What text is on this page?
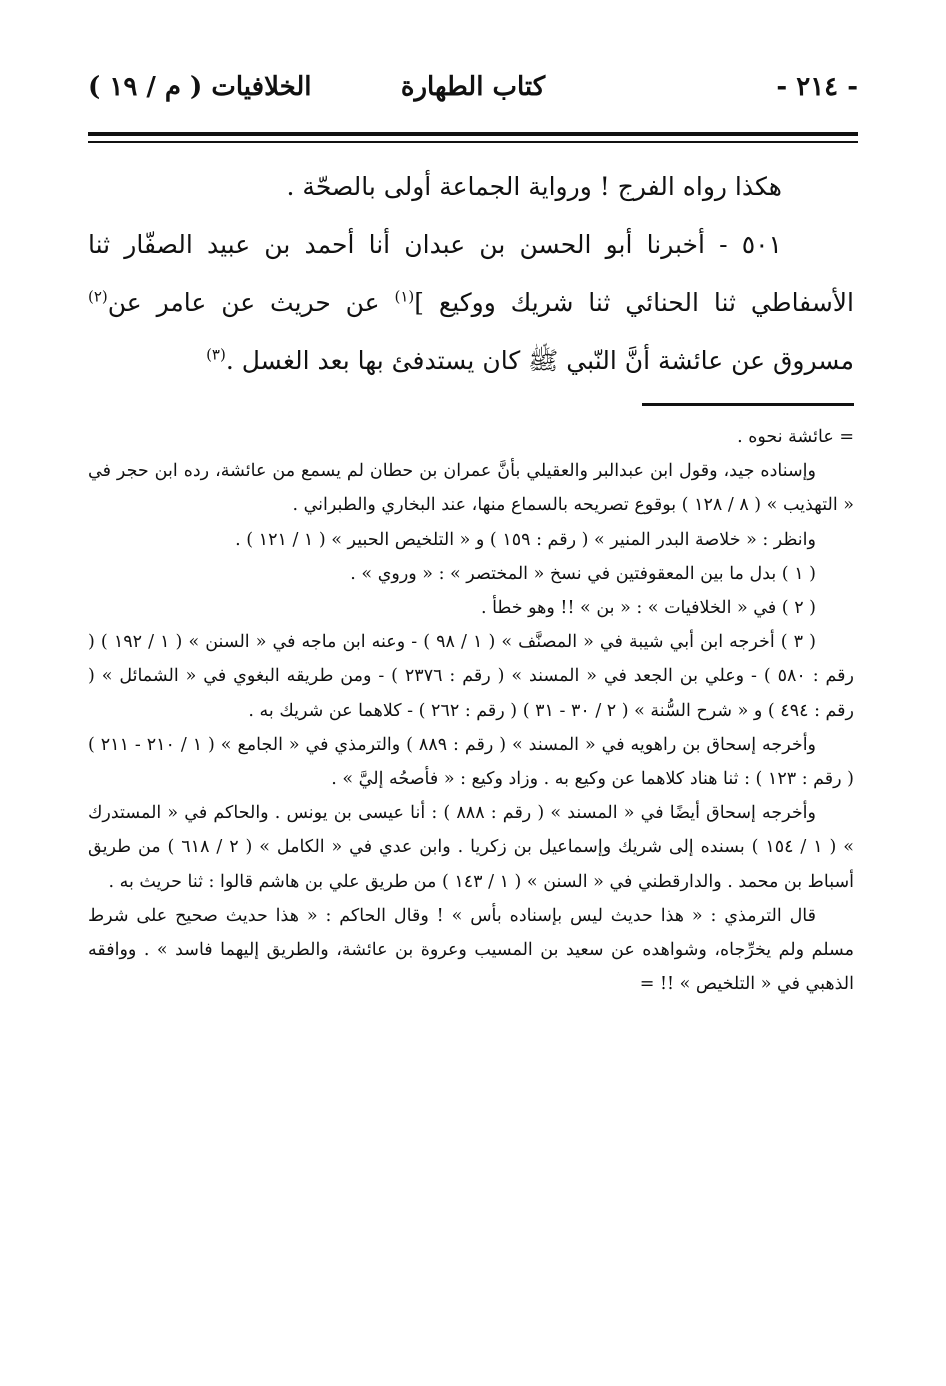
- ٢١٤ -
كتاب الطهارة
الخلافيات ( م / ١٩ )

هكذا رواه الفرج ! ورواية الجماعة أولى بالصحّة .

٥٠١ - أخبرنا أبو الحسن بن عبدان أنا أحمد بن عبيد الصفّار ثنا الأسفاطي ثنا الحنائي ثنا شريك ووكيع ]$^{(١)}$ عن حريث عن عامر عن$^{(٢)}$ مسروق عن عائشة أنَّ النّبي ﷺ كان يستدفئ بها بعد الغسل .$^{(٣)}$

= عائشة نحوه .

وإسناده جيد، وقول ابن عبدالبر والعقيلي بأنَّ عمران بن حطان لم يسمع من عائشة، رده ابن حجر في « التهذيب » ( ٨ / ١٢٨ ) بوقوع تصريحه بالسماع منها، عند البخاري والطبراني .

وانظر : « خلاصة البدر المنير » ( رقم : ١٥٩ ) و « التلخيص الحبير » ( ١ / ١٢١ ) .

( ١ ) بدل ما بين المعقوفتين في نسخ « المختصر » : « وروي » .

( ٢ ) في « الخلافيات » : « بن » !! وهو خطأ .

( ٣ ) أخرجه ابن أبي شيبة في « المصنَّف » ( ١ / ٩٨ ) - وعنه ابن ماجه في « السنن » ( ١ / ١٩٢ ) ( رقم : ٥٨٠ ) - وعلي بن الجعد في « المسند » ( رقم : ٢٣٧٦ ) - ومن طريقه البغوي في « الشمائل » ( رقم : ٤٩٤ ) و « شرح السُّنة » ( ٢ / ٣٠ - ٣١ ) ( رقم : ٢٦٢ ) - كلاهما عن شريك به .

وأخرجه إسحاق بن راهويه في « المسند » ( رقم : ٨٨٩ ) والترمذي في « الجامع » ( ١ / ٢١٠ - ٢١١ ) ( رقم : ١٢٣ ) : ثنا هناد كلاهما عن وكيع به . وزاد وكيع : « فأصحُه إليَّ » .

وأخرجه إسحاق أيضًا في « المسند » ( رقم : ٨٨٨ ) : أنا عيسى بن يونس . والحاكم في « المستدرك » ( ١ / ١٥٤ ) بسنده إلى شريك وإسماعيل بن زكريا . وابن عدي في « الكامل » ( ٢ / ٦١٨ ) من طريق أسباط بن محمد . والدارقطني في « السنن » ( ١ / ١٤٣ ) من طريق علي بن هاشم قالوا : ثنا حريث به .

قال الترمذي : « هذا حديث ليس بإسناده بأس » ! وقال الحاكم : « هذا حديث صحيح على شرط مسلم ولم يخرِّجاه، وشواهده عن سعيد بن المسيب وعروة بن عائشة، والطريق إليهما فاسد » . ووافقه الذهبي في « التلخيص » !! =
